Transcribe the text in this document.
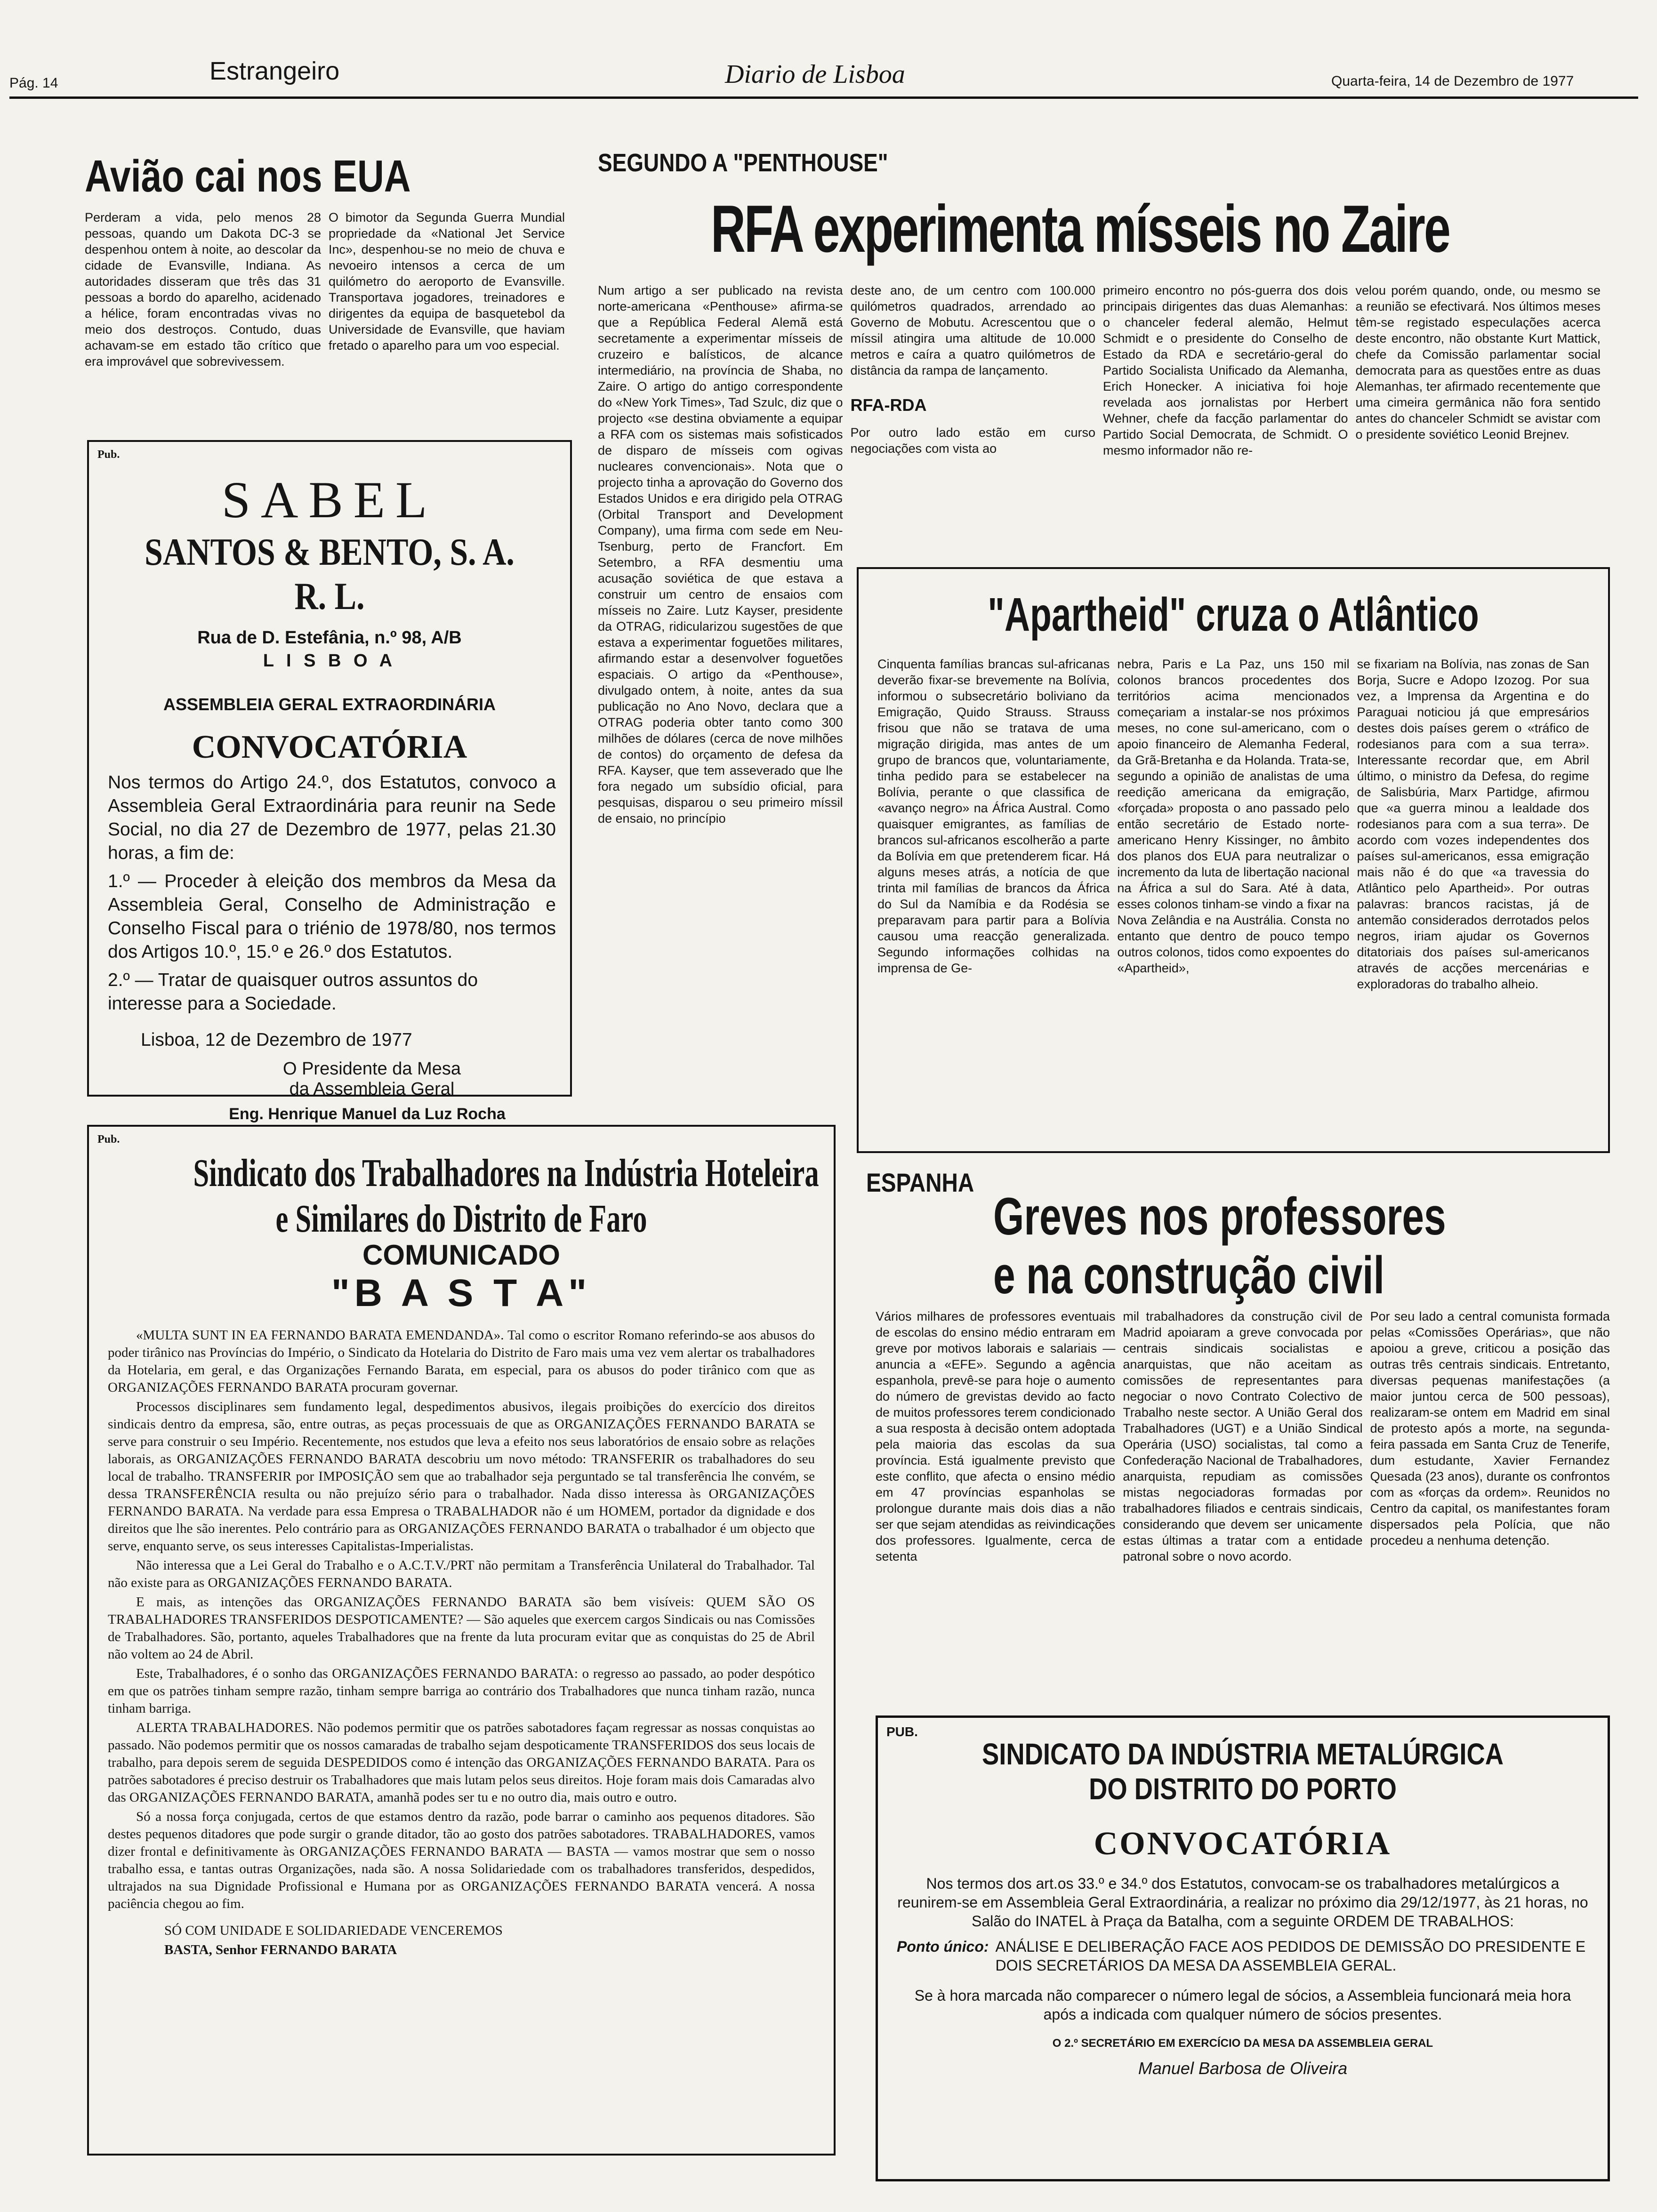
Pág. 14	Estrangeiro	Diario de Lisboa	Quarta-feira, 14 de Dezembro de 1977
Avião cai nos EUA

Perderam a vida, pelo menos 28 pessoas, quando um Dakota DC-3 se despenhou ontem à noite, ao descolar da cidade de Evansville, Indiana. As autoridades disseram que três das 31 pessoas a bordo do aparelho, acidenado a hélice, foram encontradas vivas no meio dos destroços. Contudo, duas achavam-se em estado tão crítico que era improvável que sobrevivessem.

O bimotor da Segunda Guerra Mundial propriedade da «National Jet Service Inc», despenhou-se no meio de chuva e nevoeiro intensos a cerca de um quilómetro do aeroporto de Evansville. Transportava jogadores, treinadores e dirigentes da equipa de basquetebol da Universidade de Evansville, que haviam fretado o aparelho para um voo especial.

Pub.
SABEL
SANTOS & BENTO, S. A. R. L.
Rua de D. Estefânia, n.º 98, A/B
L I S B O A
ASSEMBLEIA GERAL EXTRAORDINÁRIA
CONVOCATÓRIA
Nos termos do Artigo 24.º, dos Estatutos, convoco a Assembleia Geral Extraordinária para reunir na Sede Social, no dia 27 de Dezembro de 1977, pelas 21.30 horas, a fim de:
1.º — Proceder à eleição dos membros da Mesa da Assembleia Geral, Conselho de Administração e Conselho Fiscal para o triénio de 1978/80, nos termos dos Artigos 10.º, 15.º e 26.º dos Estatutos.
2.º — Tratar de quaisquer outros assuntos do interesse para a Sociedade.
Lisboa, 12 de Dezembro de 1977
O Presidente da Mesa
da Assembleia Geral
Eng. Henrique Manuel da Luz Rocha
SEGUNDO A "PENTHOUSE"
RFA experimenta mísseis no Zaire

Num artigo a ser publicado na revista norte-americana «Penthouse» afirma-se que a República Federal Alemã está secretamente a experimentar mísseis de cruzeiro e balísticos, de alcance intermediário, na província de Shaba, no Zaire. O artigo do antigo correspondente do «New York Times», Tad Szulc, diz que o projecto «se destina obviamente a equipar a RFA com os sistemas mais sofisticados de disparo de mísseis com ogivas nucleares convencionais». Nota que o projecto tinha a aprovação do Governo dos Estados Unidos e era dirigido pela OTRAG (Orbital Transport and Development Company), uma firma com sede em Neu-Tsenburg, perto de Francfort. Em Setembro, a RFA desmentiu uma acusação soviética de que estava a construir um centro de ensaios com mísseis no Zaire. Lutz Kayser, presidente da OTRAG, ridicularizou sugestões de que estava a experimentar foguetões militares, afirmando estar a desenvolver foguetões espaciais. O artigo da «Penthouse», divulgado ontem, à noite, antes da sua publicação no Ano Novo, declara que a OTRAG poderia obter tanto como 300 milhões de dólares (cerca de nove milhões de contos) do orçamento de defesa da RFA. Kayser, que tem asseverado que lhe fora negado um subsídio oficial, para pesquisas, disparou o seu primeiro míssil de ensaio, no princípio

deste ano, de um centro com 100.000 quilómetros quadrados, arrendado ao Governo de Mobutu. Acrescentou que o míssil atingira uma altitude de 10.000 metros e caíra a quatro quilómetros de distância da rampa de lançamento.

RFA-RDA

Por outro lado estão em curso negociações com vista ao

primeiro encontro no pós-guerra dos dois principais dirigentes das duas Alemanhas: o chanceler federal alemão, Helmut Schmidt e o presidente do Conselho de Estado da RDA e secretário-geral do Partido Socialista Unificado da Alemanha, Erich Honecker. A iniciativa foi hoje revelada aos jornalistas por Herbert Wehner, chefe da facção parlamentar do Partido Social Democrata, de Schmidt. O mesmo informador não re-

velou porém quando, onde, ou mesmo se a reunião se efectivará. Nos últimos meses têm-se registado especulações acerca deste encontro, não obstante Kurt Mattick, chefe da Comissão parlamentar social democrata para as questões entre as duas Alemanhas, ter afirmado recentemente que uma cimeira germânica não fora sentido antes do chanceler Schmidt se avistar com o presidente soviético Leonid Brejnev.

"Apartheid" cruza o Atlântico

Cinquenta famílias brancas sul-africanas deverão fixar-se brevemente na Bolívia, informou o subsecretário boliviano da Emigração, Quido Strauss. Strauss frisou que não se tratava de uma migração dirigida, mas antes de um grupo de brancos que, voluntariamente, tinha pedido para se estabelecer na Bolívia, perante o que classifica de «avanço negro» na África Austral. Como quaisquer emigrantes, as famílias de brancos sul-africanos escolherão a parte da Bolívia em que pretenderem ficar. Há alguns meses atrás, a notícia de que trinta mil famílias de brancos da África do Sul da Namíbia e da Rodésia se preparavam para partir para a Bolívia causou uma reacção generalizada. Segundo informações colhidas na imprensa de Ge-

nebra, Paris e La Paz, uns 150 mil colonos brancos procedentes dos territórios acima mencionados começariam a instalar-se nos próximos meses, no cone sul-americano, com o apoio financeiro de Alemanha Federal, da Grã-Bretanha e da Holanda. Trata-se, segundo a opinião de analistas de uma reedição americana da emigração, «forçada» proposta o ano passado pelo então secretário de Estado norte-americano Henry Kissinger, no âmbito dos planos dos EUA para neutralizar o incremento da luta de libertação nacional na África a sul do Sara. Até à data, esses colonos tinham-se vindo a fixar na Nova Zelândia e na Austrália. Consta no entanto que dentro de pouco tempo outros colonos, tidos como expoentes do «Apartheid»,

se fixariam na Bolívia, nas zonas de San Borja, Sucre e Adopo Izozog. Por sua vez, a Imprensa da Argentina e do Paraguai noticiou já que empresários destes dois países gerem o «tráfico de rodesianos para com a sua terra». Interessante recordar que, em Abril último, o ministro da Defesa, do regime de Salisbúria, Marx Partidge, afirmou que «a guerra minou a lealdade dos rodesianos para com a sua terra». De acordo com vozes independentes dos países sul-americanos, essa emigração mais não é do que «a travessia do Atlântico pelo Apartheid». Por outras palavras: brancos racistas, já de antemão considerados derrotados pelos negros, iriam ajudar os Governos ditatoriais dos países sul-americanos através de acções mercenárias e exploradoras do trabalho alheio.

ESPANHA
Greves nos professores
e na construção civil

Vários milhares de professores eventuais de escolas do ensino médio entraram em greve por motivos laborais e salariais — anuncia a «EFE». Segundo a agência espanhola, prevê-se para hoje o aumento do número de grevistas devido ao facto de muitos professores terem condicionado a sua resposta à decisão ontem adoptada pela maioria das escolas da sua província. Está igualmente previsto que este conflito, que afecta o ensino médio em 47 províncias espanholas se prolongue durante mais dois dias a não ser que sejam atendidas as reivindicações dos professores. Igualmente, cerca de setenta

mil trabalhadores da construção civil de Madrid apoiaram a greve convocada por centrais sindicais socialistas e anarquistas, que não aceitam as comissões de representantes para negociar o novo Contrato Colectivo de Trabalho neste sector. A União Geral dos Trabalhadores (UGT) e a União Sindical Operária (USO) socialistas, tal como a Confederação Nacional de Trabalhadores, anarquista, repudiam as comissões mistas negociadoras formadas por trabalhadores filiados e centrais sindicais, considerando que devem ser unicamente estas últimas a tratar com a entidade patronal sobre o novo acordo.

Por seu lado a central comunista formada pelas «Comissões Operárias», que não apoiou a greve, criticou a posição das outras três centrais sindicais. Entretanto, diversas pequenas manifestações (a maior juntou cerca de 500 pessoas), realizaram-se ontem em Madrid em sinal de protesto após a morte, na segunda-feira passada em Santa Cruz de Tenerife, dum estudante, Xavier Fernandez Quesada (23 anos), durante os confrontos com as «forças da ordem». Reunidos no Centro da capital, os manifestantes foram dispersados pela Polícia, que não procedeu a nenhuma detenção.

Pub.
Sindicato dos Trabalhadores na Indústria Hoteleira
e Similares do Distrito de Faro
COMUNICADO
"B A S T A"

«MULTA SUNT IN EA FERNANDO BARATA EMENDANDA». Tal como o escritor Romano referindo-se aos abusos do poder tirânico nas Províncias do Império, o Sindicato da Hotelaria do Distrito de Faro mais uma vez vem alertar os trabalhadores da Hotelaria, em geral, e das Organizações Fernando Barata, em especial, para os abusos do poder tirânico com que as ORGANIZAÇÕES FERNANDO BARATA procuram governar.

Processos disciplinares sem fundamento legal, despedimentos abusivos, ilegais proibições do exercício dos direitos sindicais dentro da empresa, são, entre outras, as peças processuais de que as ORGANIZAÇÕES FERNANDO BARATA se serve para construir o seu Império. Recentemente, nos estudos que leva a efeito nos seus laboratórios de ensaio sobre as relações laborais, as ORGANIZAÇÕES FERNANDO BARATA descobriu um novo método: TRANSFERIR os trabalhadores do seu local de trabalho. TRANSFERIR por IMPOSIÇÃO sem que ao trabalhador seja perguntado se tal transferência lhe convém, se dessa TRANSFERÊNCIA resulta ou não prejuízo sério para o trabalhador. Nada disso interessa às ORGANIZAÇÕES FERNANDO BARATA. Na verdade para essa Empresa o TRABALHADOR não é um HOMEM, portador da dignidade e dos direitos que lhe são inerentes. Pelo contrário para as ORGANIZAÇÕES FERNANDO BARATA o trabalhador é um objecto que serve, enquanto serve, os seus interesses Capitalistas-Imperialistas.

Não interessa que a Lei Geral do Trabalho e o A.C.T.V./PRT não permitam a Transferência Unilateral do Trabalhador. Tal não existe para as ORGANIZAÇÕES FERNANDO BARATA.

E mais, as intenções das ORGANIZAÇÕES FERNANDO BARATA são bem visíveis: QUEM SÃO OS TRABALHADORES TRANSFERIDOS DESPOTICAMENTE? — São aqueles que exercem cargos Sindicais ou nas Comissões de Trabalhadores. São, portanto, aqueles Trabalhadores que na frente da luta procuram evitar que as conquistas do 25 de Abril não voltem ao 24 de Abril.

Este, Trabalhadores, é o sonho das ORGANIZAÇÕES FERNANDO BARATA: o regresso ao passado, ao poder despótico em que os patrões tinham sempre razão, tinham sempre barriga ao contrário dos Trabalhadores que nunca tinham razão, nunca tinham barriga.

ALERTA TRABALHADORES. Não podemos permitir que os patrões sabotadores façam regressar as nossas conquistas ao passado. Não podemos permitir que os nossos camaradas de trabalho sejam despoticamente TRANSFERIDOS dos seus locais de trabalho, para depois serem de seguida DESPEDIDOS como é intenção das ORGANIZAÇÕES FERNANDO BARATA. Para os patrões sabotadores é preciso destruir os Trabalhadores que mais lutam pelos seus direitos. Hoje foram mais dois Camaradas alvo das ORGANIZAÇÕES FERNANDO BARATA, amanhã podes ser tu e no outro dia, mais outro e outro.

Só a nossa força conjugada, certos de que estamos dentro da razão, pode barrar o caminho aos pequenos ditadores. São destes pequenos ditadores que pode surgir o grande ditador, tão ao gosto dos patrões sabotadores. TRABALHADORES, vamos dizer frontal e definitivamente às ORGANIZAÇÕES FERNANDO BARATA — BASTA — vamos mostrar que sem o nosso trabalho essa, e tantas outras Organizações, nada são. A nossa Solidariedade com os trabalhadores transferidos, despedidos, ultrajados na sua Dignidade Profissional e Humana por as ORGANIZAÇÕES FERNANDO BARATA vencerá. A nossa paciência chegou ao fim.

SÓ COM UNIDADE E SOLIDARIEDADE VENCEREMOS

BASTA, Senhor FERNANDO BARATA

PUB.
SINDICATO DA INDÚSTRIA METALÚRGICA
DO DISTRITO DO PORTO
CONVOCATÓRIA
Nos termos dos art.os 33.º e 34.º dos Estatutos, convocam-se os trabalhadores metalúrgicos a reunirem-se em Assembleia Geral Extraordinária, a realizar no próximo dia 29/12/1977, às 21 horas, no Salão do INATEL à Praça da Batalha, com a seguinte ORDEM DE TRABALHOS:
Ponto único: ANÁLISE E DELIBERAÇÃO FACE AOS PEDIDOS DE DEMISSÃO DO PRESIDENTE E DOIS SECRETÁRIOS DA MESA DA ASSEMBLEIA GERAL.
Se à hora marcada não comparecer o número legal de sócios, a Assembleia funcionará meia hora após a indicada com qualquer número de sócios presentes.
O 2.º SECRETÁRIO EM EXERCÍCIO DA MESA DA ASSEMBLEIA GERAL
Manuel Barbosa de Oliveira
